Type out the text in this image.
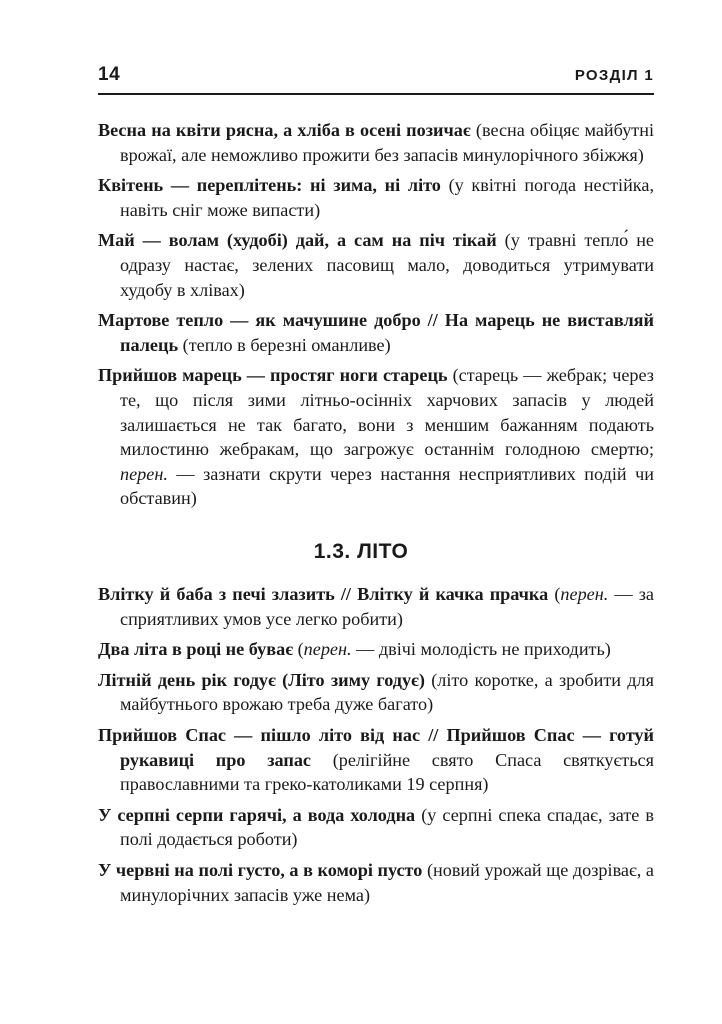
14	РОЗДІЛ 1

Весна на квіти рясна, а хліба в осені позичає (весна обіцяє майбутні врожаї, але неможливо прожити без запасів минулорічного збіжжя)

Квітень — переплітень: ні зима, ні літо (у квітні погода нестійка, навіть сніг може випасти)

Май — волам (худобі) дай, а сам на піч тікай (у травні тепло́ не одразу настає, зелених пасовищ мало, доводиться утримувати худобу в хлівах)

Мартове тепло — як мачушине добро // На марець не виставляй палець (тепло в березні оманливе)

Прийшов марець — простяг ноги старець (старець — жебрак; через те, що після зими літньо-осінніх харчових запасів у людей залишається не так багато, вони з меншим бажанням подають милостиню жебракам, що загрожує останнім голодною смертю; перен. — зазнати скрути через настання несприятливих подій чи обставин)

1.3. ЛІТО

Влітку й баба з печі злазить // Влітку й качка прачка (перен. — за сприятливих умов усе легко робити)

Два літа в році не буває (перен. — двічі молодість не приходить)

Літній день рік годує (Літо зиму годує) (літо коротке, а зробити для майбутнього врожаю треба дуже багато)

Прийшов Спас — пішло літо від нас // Прийшов Спас — готуй рукавиці про запас (релігійне свято Спаса святкується православними та греко-католиками 19 серпня)

У серпні серпи гарячі, а вода холодна (у серпні спека спадає, зате в полі додається роботи)

У червні на полі густо, а в коморі пусто (новий урожай ще дозріває, а минулорічних запасів уже нема)
